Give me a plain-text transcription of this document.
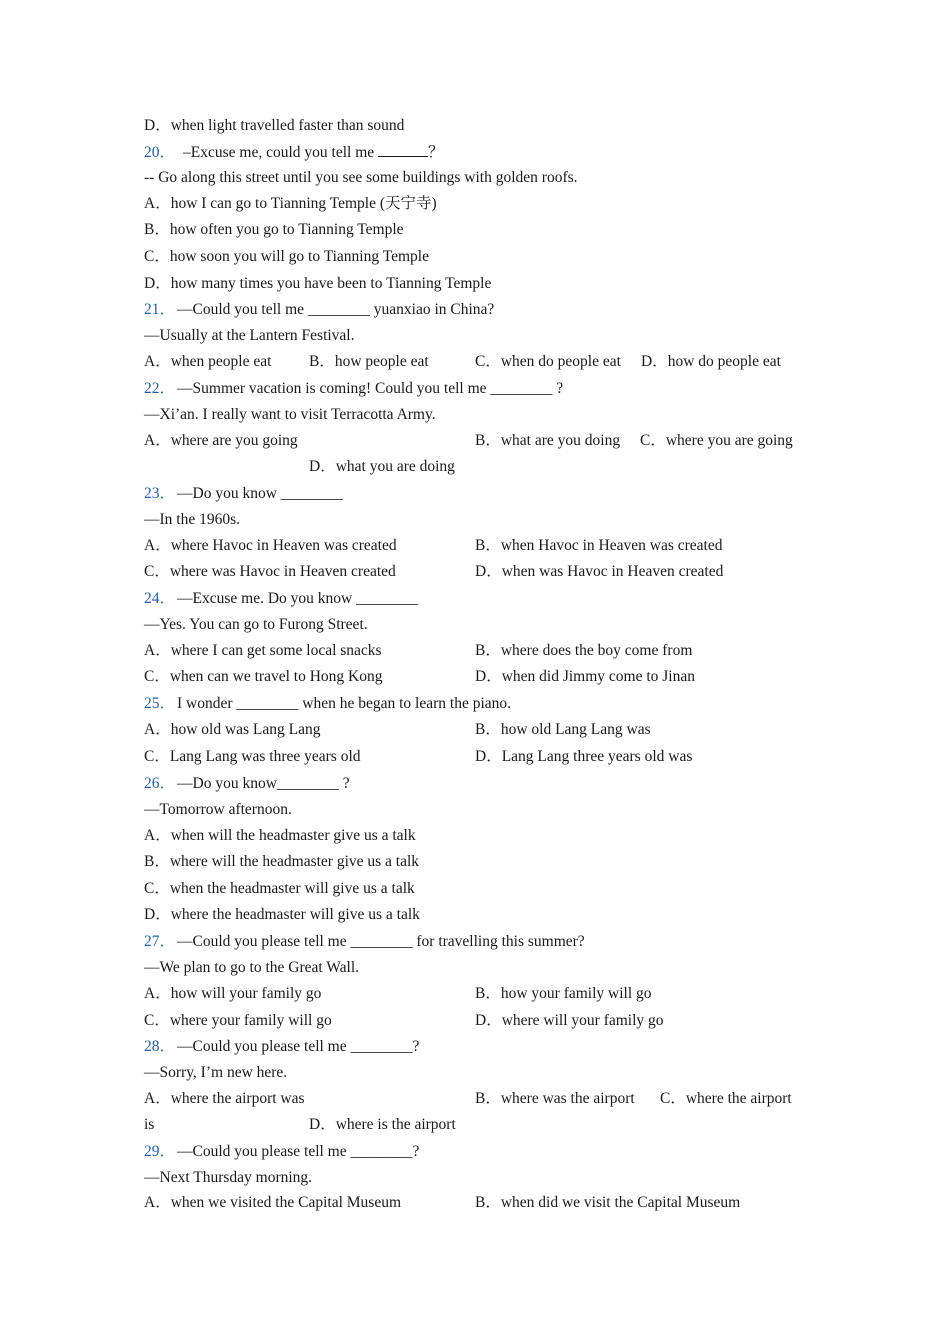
D．when light travelled faster than sound
20． –Excuse me, could you tell me	？
-- Go along this street until you see some buildings with golden roofs.
A．how I can go to Tianning Temple (天宁寺)
B．how often you go to Tianning Temple
C．how soon you will go to Tianning Temple
D．how many times you have been to Tianning Temple
21． —Could you tell me ________ yuanxiao in China?
—Usually at the Lantern Festival.
A．when people eat B．how people eat	C．when do people eat D．how do people eat
22． —Summer vacation is coming! Could you tell me ________ ?
—Xi’an. I really want to visit Terracotta Army.
A．where are you going	B．what are you doing C．where you are going
D．what you are doing
23． —Do you know ________
—In the 1960s.
A．where Havoc in Heaven was created	B．when Havoc in Heaven was created
C．where was Havoc in Heaven created	D．when was Havoc in Heaven created
24． —Excuse me. Do you know ________
—Yes. You can go to Furong Street.
A．where I can get some local snacks	B．where does the boy come from
C．when can we travel to Hong Kong	D．when did Jimmy come to Jinan
25． I wonder ________ when he began to learn the piano.
A．how old was Lang Lang	B．how old Lang Lang was
C．Lang Lang was three years old	D．Lang Lang three years old was
26． —Do you know________ ?
—Tomorrow afternoon.
A．when will the headmaster give us a talk
B．where will the headmaster give us a talk
C．when the headmaster will give us a talk
D．where the headmaster will give us a talk
27． —Could you please tell me ________ for travelling this summer?
—We plan to go to the Great Wall.
A．how will your family go	B．how your family will go
C．where your family will go	D．where will your family go
28． —Could you please tell me ________?
—Sorry, I’m new here.
A．where the airport was	B．where was the airport C．where the airport
is	D．where is the airport
29． —Could you please tell me ________?
—Next Thursday morning.
A．when we visited the Capital Museum	B．when did we visit the Capital Museum
